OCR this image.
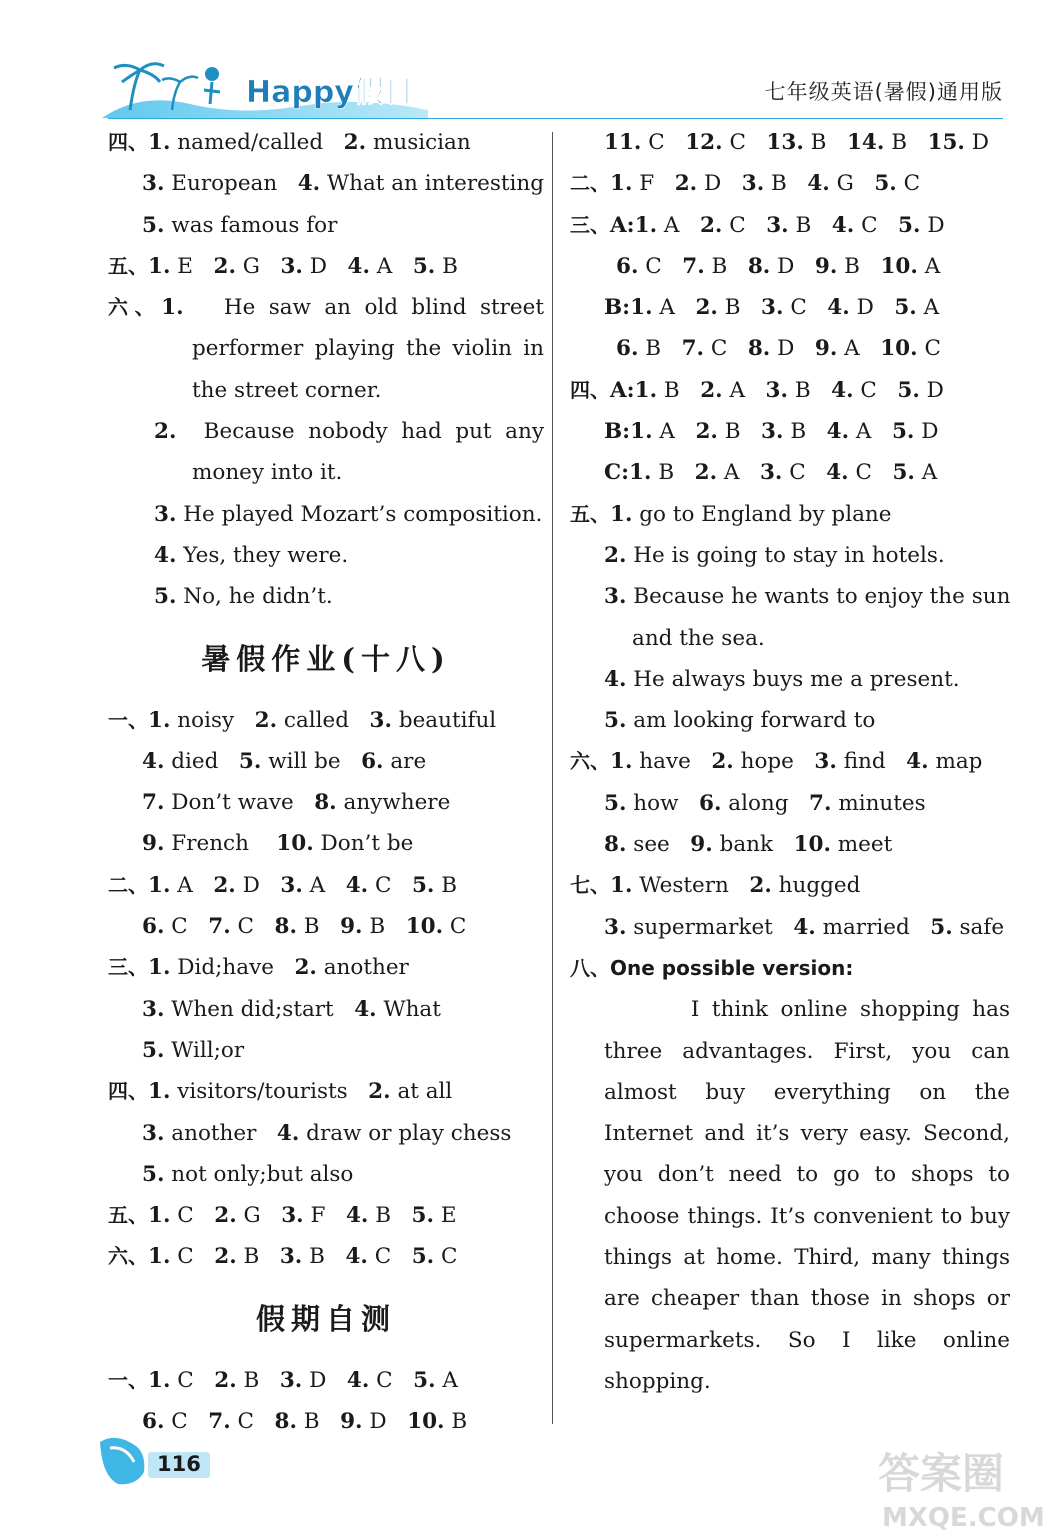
Happy假日	七年级英语(暑假)通用版
四、1. named/called   2. musician
3. European   4. What an interesting
5. was famous for
五、1. E   2. G   3. D   4. A   5. B
六、1.   He saw an old blind street
performer playing the violin in
the street corner.
2.  Because nobody had put any
money into it.
3. He played Mozart’s composition.
4. Yes, they were.
5. No, he didn’t.
暑假作业(十八)
一、1. noisy   2. called   3. beautiful
4. died   5. will be   6. are
7. Don’t wave   8. anywhere
9. French    10. Don’t be
二、1. A   2. D   3. A   4. C   5. B
6. C   7. C   8. B   9. B   10. C
三、1. Did;have   2. another
3. When did;start   4. What
5. Will;or
四、1. visitors/tourists   2. at all
3. another   4. draw or play chess
5. not only;but also
五、1. C   2. G   3. F   4. B   5. E
六、1. C   2. B   3. B   4. C   5. C
假期自测
一、1. C   2. B   3. D   4. C   5. A
6. C   7. C   8. B   9. D   10. B
11. C   12. C   13. B   14. B   15. D
二、1. F   2. D   3. B   4. G   5. C
三、A:1. A   2. C   3. B   4. C   5. D
6. C   7. B   8. D   9. B   10. A
B:1. A   2. B   3. C   4. D   5. A
6. B   7. C   8. D   9. A   10. C
四、A:1. B   2. A   3. B   4. C   5. D
B:1. A   2. B   3. B   4. A   5. D
C:1. B   2. A   3. C   4. C   5. A
五、1. go to England by plane
2. He is going to stay in hotels.
3. Because he wants to enjoy the sun
and the sea.
4. He always buys me a present.
5. am looking forward to
六、1. have   2. hope   3. find   4. map
5. how   6. along   7. minutes
8. see   9. bank   10. meet
七、1. Western   2. hugged
3. supermarket   4. married   5. safe
八、One possible version:
I think online shopping has
three advantages. First, you can
almost buy everything on the
Internet and it’s very easy. Second,
you don’t need to go to shops to
choose things. It’s convenient to buy
things at home. Third, many things
are cheaper than those in shops or
supermarkets. So I like online
shopping.
116	答案圈
MXQE.COM
